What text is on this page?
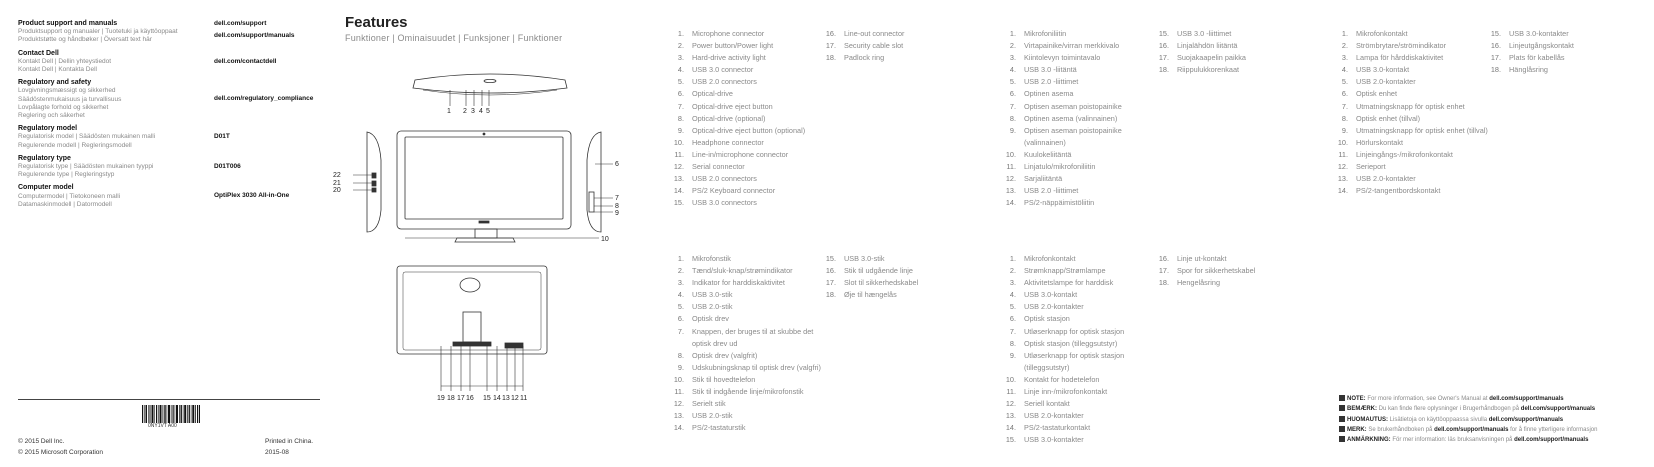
Product support and manuals
Produktsupport og manualer | Tuotetuki ja käyttöoppaat
Produktstøtte og håndbøker | Översatt text här
dell.com/support
dell.com/support/manuals
Contact Dell
Kontakt Dell | Dellin yhteystiedot
Kontakt Dell | Kontakta Dell
dell.com/contactdell
Regulatory and safety
Lovgivningsmæssigt og sikkerhed
Säädöstenmukaisuus ja turvallisuus
Lovpålagte forhold og sikkerhet
Reglering och säkerhet
dell.com/regulatory_compliance
Regulatory model
Regulatorisk model | Säädösten mukainen malli
Regulerende modell | Regleringsmodell
D01T
Regulatory type
Regulatorisk type | Säädösten mukainen tyyppi
Regulerende type | Regleringstyp
D01T006
Computer model
Computermodel | Tietokoneen malli
Datamaskinmodell | Datormodell
OptiPlex 3030 All-in-One
0NY1VT A00
© 2015 Dell Inc.
© 2015 Microsoft Corporation
Printed in China.
2015-08
Features
Funktioner | Ominaisuudet | Funksjoner | Funktioner
1 2 3 4 5
22
21
20
6
7
8
9
10
19 18 17 16 15 14 13 12 11
1. Microphone connector
2. Power button/Power light
3. Hard-drive activity light
4. USB 3.0 connector
5. USB 2.0 connectors
6. Optical-drive
7. Optical-drive eject button
8. Optical-drive (optional)
9. Optical-drive eject button (optional)
10. Headphone connector
11. Line-in/microphone connector
12. Serial connector
13. USB 2.0 connectors
14. PS/2 Keyboard connector
15. USB 3.0 connectors
16. Line-out connector
17. Security cable slot
18. Padlock ring
1. Mikrofonstik
2. Tænd/sluk-knap/strømindikator
3. Indikator for harddiskaktivitet
4. USB 3.0-stik
5. USB 2.0-stik
6. Optisk drev
7. Knappen, der bruges til at skubbe det optisk drev ud
8. Optisk drev (valgfrit)
9. Udskubningsknap til optisk drev (valgfri)
10. Stik til hovedtelefon
11. Stik til indgående linje/mikrofonstik
12. Serielt stik
13. USB 2.0-stik
14. PS/2-tastaturstik
15. USB 3.0-stik
16. Stik til udgående linje
17. Slot til sikkerhedskabel
18. Øje til hængelås
1. Mikrofoniliitin
2. Virtapainike/virran merkkivalo
3. Kiintolevyn toimintavalo
4. USB 3.0 -liitäntä
5. USB 2.0 -liittimet
6. Optinen asema
7. Optisen aseman poistopainike
8. Optinen asema (valinnainen)
9. Optisen aseman poistopainike (valinnainen)
10. Kuulokeliitäntä
11. Linjatulo/mikrofoniliitin
12. Sarjaliitäntä
13. USB 2.0 -liittimet
14. PS/2-näppäimistöliitin
15. USB 3.0 -liittimet
16. Linjalähdön liitäntä
17. Suojakaapelin paikka
18. Riippulukkorenkaat
1. Mikrofonkontakt
2. Strømknapp/Strømlampe
3. Aktivitetslampe for harddisk
4. USB 3.0-kontakt
5. USB 2.0-kontakter
6. Optisk stasjon
7. Utløserknapp for optisk stasjon
8. Optisk stasjon (tilleggsutstyr)
9. Utløserknapp for optisk stasjon (tilleggsutstyr)
10. Kontakt for hodetelefon
11. Linje inn-/mikrofonkontakt
12. Seriell kontakt
13. USB 2.0-kontakter
14. PS/2-tastaturkontakt
15. USB 3.0-kontakter
16. Linje ut-kontakt
17. Spor for sikkerhetskabel
18. Hengelåsring
1. Mikrofonkontakt
2. Strömbrytare/strömindikator
3. Lampa för hårddiskaktivitet
4. USB 3.0-kontakt
5. USB 2.0-kontakter
6. Optisk enhet
7. Utmatningsknapp för optisk enhet
8. Optisk enhet (tillval)
9. Utmatningsknapp för optisk enhet (tillval)
10. Hörlurskontakt
11. Linjeingångs-/mikrofonkontakt
12. Serieport
13. USB 2.0-kontakter
14. PS/2-tangentbordskontakt
15. USB 3.0-kontakter
16. Linjeutgångskontakt
17. Plats för kabellås
18. Hänglåsring
NOTE: For more information, see Owner's Manual at dell.com/support/manuals
BEMÆRK: Du kan finde flere oplysninger i Brugerhåndbogen på dell.com/support/manuals
HUOMAUTUS: Lisätietoja on käyttöoppaassa sivulla dell.com/support/manuals
MERK: Se brukerhåndboken på dell.com/support/manuals for å finne ytterligere informasjon
ANMÄRKNING: För mer information: läs bruksanvisningen på dell.com/support/manuals
